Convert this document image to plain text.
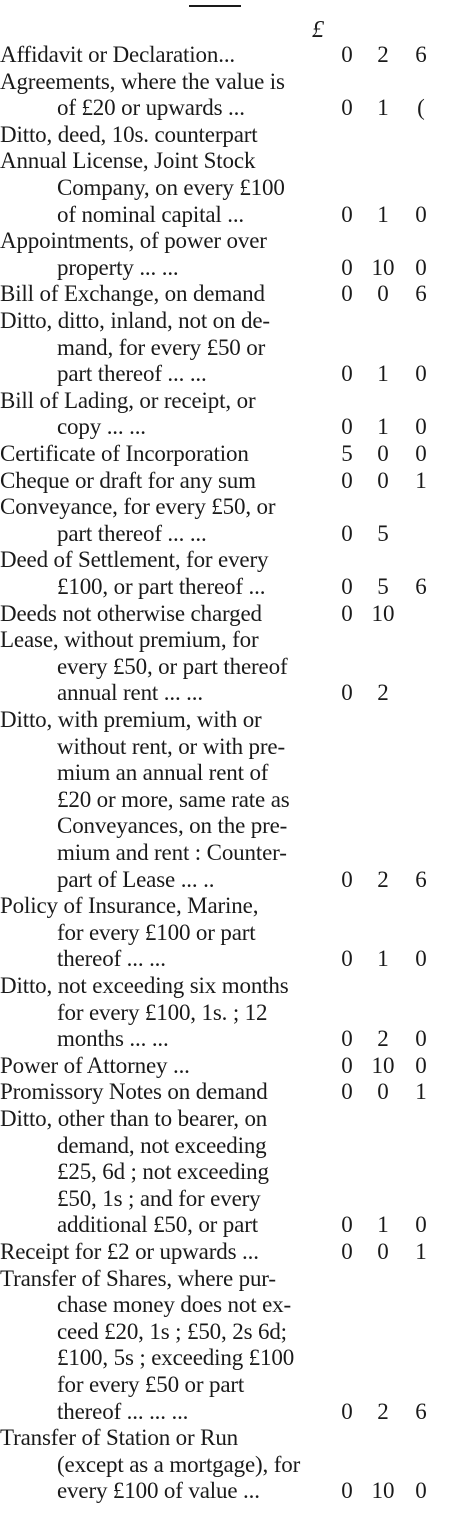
£
Affidavit or Declaration...	0	2	6
Agreements, where the value is
of £20 or upwards ...	0	1	(
Ditto, deed, 10s. counterpart
Annual License, Joint Stock
Company, on every £100
of nominal capital ...	0	1	0
Appointments, of power over
property ... ...	0 10 0
Bill of Exchange, on demand	0	0	6
Ditto, ditto, inland, not on de-
mand, for every £50 or
part thereof ... ...	0	1	0
Bill of Lading, or receipt, or
copy ... ...	0	1	0
Certificate of Incorporation	5	0	0
Cheque or draft for any sum	0	0	1
Conveyance, for every £50, or
part thereof ... ...	0	5
Deed of Settlement, for every
£100, or part thereof ...	0	5	6
Deeds not otherwise charged	0 10
Lease, without premium, for
every £50, or part thereof
annual rent ... ...	0	2
Ditto, with premium, with or
without rent, or with pre-
mium an annual rent of
£20 or more, same rate as
Conveyances, on the pre-
mium and rent : Counter-
part of Lease ... ..	0	2	6
Policy of Insurance, Marine,
for every £100 or part
thereof ... ...	0	1	0
Ditto, not exceeding six months
for every £100, 1s. ; 12
months ... ...	0	2	0
Power of Attorney ...	0 10 0
Promissory Notes on demand	0	0	1
Ditto, other than to bearer, on
demand, not exceeding
£25, 6d ; not exceeding
£50, 1s ; and for every
additional £50, or part	0	1	0
Receipt for £2 or upwards ...	0	0	1
Transfer of Shares, where pur-
chase money does not ex-
ceed £20, 1s ; £50, 2s 6d;
£100, 5s ; exceeding £100
for every £50 or part
thereof ... ... ...	0	2	6
Transfer of Station or Run
(except as a mortgage), for
every £100 of value ...	0 10 0
